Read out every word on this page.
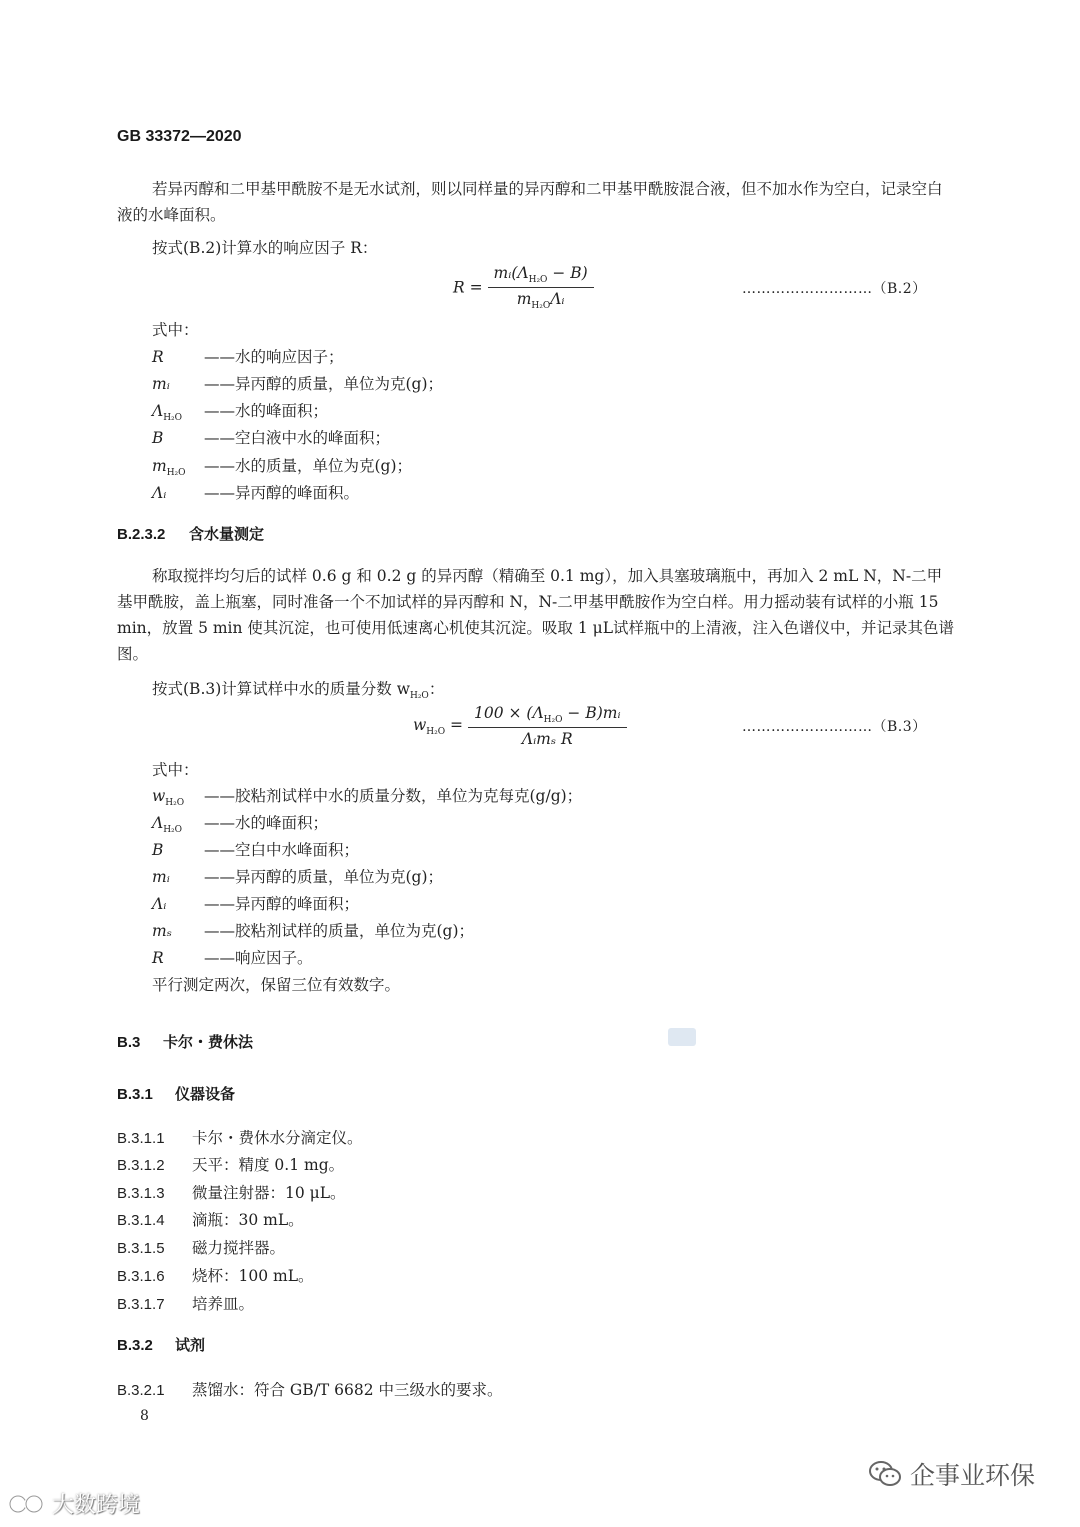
GB 33372—2020
若异丙醇和二甲基甲酰胺不是无水试剂，则以同样量的异丙醇和二甲基甲酰胺混合液，但不加水作为空白，记录空白液的水峰面积。
按式(B.2)计算水的响应因子 R：
$R = \frac{mᵢ(\Lambda_{H_2O} - B)}{m_{H_2O}\Lambda ᵢ}$	………………………（B.2）
式中：
R	——水的响应因子；
mᵢ ——异丙醇的质量，单位为克(g)；
$\Lambda_{H_2O}$ ——水的峰面积；
B	——空白液中水的峰面积；
$m_{H_2O}$ ——水的质量，单位为克(g)；
Λᵢ ——异丙醇的峰面积。
B.2.3.2 含水量测定
称取搅拌均匀后的试样 0.6 g 和 0.2 g 的异丙醇（精确至 0.1 mg），加入具塞玻璃瓶中，再加入 2 mL N，N-二甲基甲酰胺，盖上瓶塞，同时准备一个不加试样的异丙醇和 N，N-二甲基甲酰胺作为空白样。用力摇动装有试样的小瓶 15 min，放置 5 min 使其沉淀，也可使用低速离心机使其沉淀。吸取 1 μL试样瓶中的上清液，注入色谱仪中，并记录其色谱图。
按式(B.3)计算试样中水的质量分数 $w_{H_2O}$：
$w_{H_2O} = \frac{100 \times (\Lambda_{H_2O} - B)mᵢ}{\text{Λᵢmₛ R}}$	………………………（B.3）
式中：
$w_{H_2O}$ ——胶粘剂试样中水的质量分数，单位为克每克(g/g)；
$\Lambda_{H_2O}$ ——水的峰面积；
B	——空白中水峰面积；
mᵢ ——异丙醇的质量，单位为克(g)；
Λᵢ ——异丙醇的峰面积；
mₛ ——胶粘剂试样的质量，单位为克(g)；
R	——响应因子。
平行测定两次，保留三位有效数字。
B.3 卡尔・费休法
B.3.1 仪器设备
B.3.1.1 卡尔・费休水分滴定仪。
B.3.1.2 天平：精度 0.1 mg。
B.3.1.3 微量注射器：10 μL。
B.3.1.4 滴瓶：30 mL。
B.3.1.5 磁力搅拌器。
B.3.1.6 烧杯：100 mL。
B.3.1.7 培养皿。
B.3.2 试剂
B.3.2.1 蒸馏水：符合 GB/T 6682 中三级水的要求。
8
企事业环保
大数跨境
